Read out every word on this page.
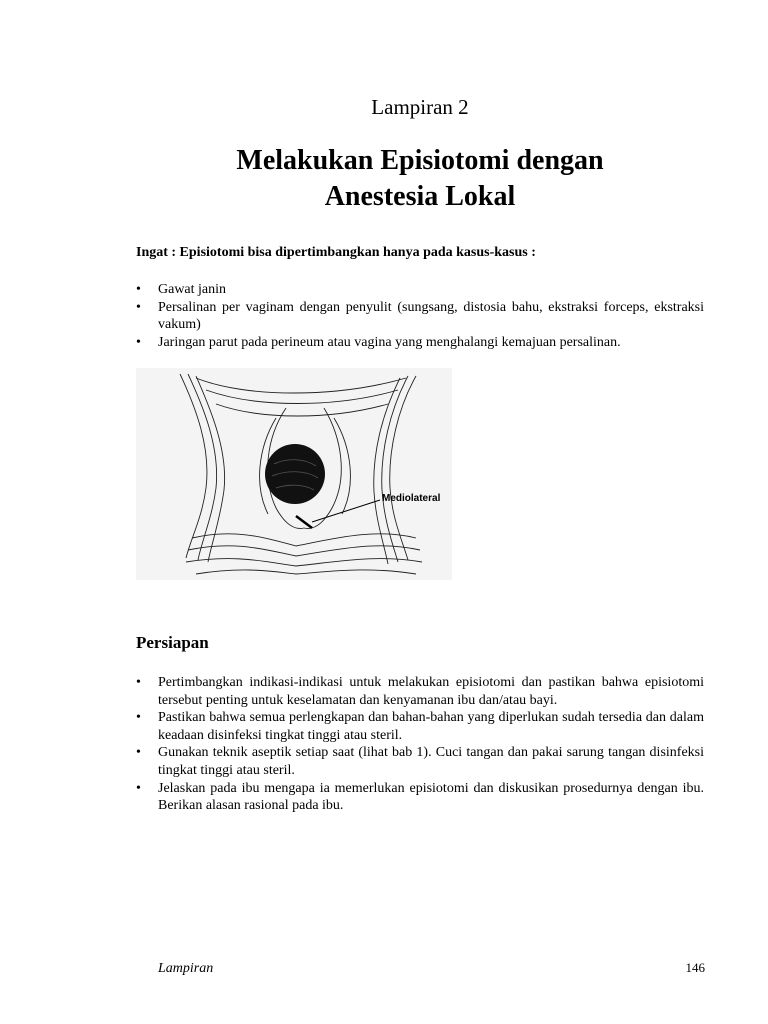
Lampiran 2
Melakukan Episiotomi dengan
Anestesia Lokal
Ingat : Episiotomi bisa dipertimbangkan hanya pada kasus-kasus :
• Gawat janin
• Persalinan per vaginam dengan penyulit (sungsang, distosia bahu, ekstraksi forceps, ekstraksi vakum)
• Jaringan parut pada perineum atau vagina yang menghalangi kemajuan persalinan.
Mediolateral
Persiapan
• Pertimbangkan indikasi-indikasi untuk melakukan episiotomi dan pastikan bahwa episiotomi tersebut penting untuk keselamatan dan kenyamanan ibu dan/atau bayi.
• Pastikan bahwa semua perlengkapan dan bahan-bahan yang diperlukan sudah tersedia dan dalam keadaan disinfeksi tingkat tinggi atau steril.
• Gunakan teknik aseptik setiap saat (lihat bab 1). Cuci tangan dan pakai sarung tangan disinfeksi tingkat tinggi atau steril.
• Jelaskan pada ibu mengapa ia memerlukan episiotomi dan diskusikan prosedurnya dengan ibu. Berikan alasan rasional pada ibu.
Lampiran	146
